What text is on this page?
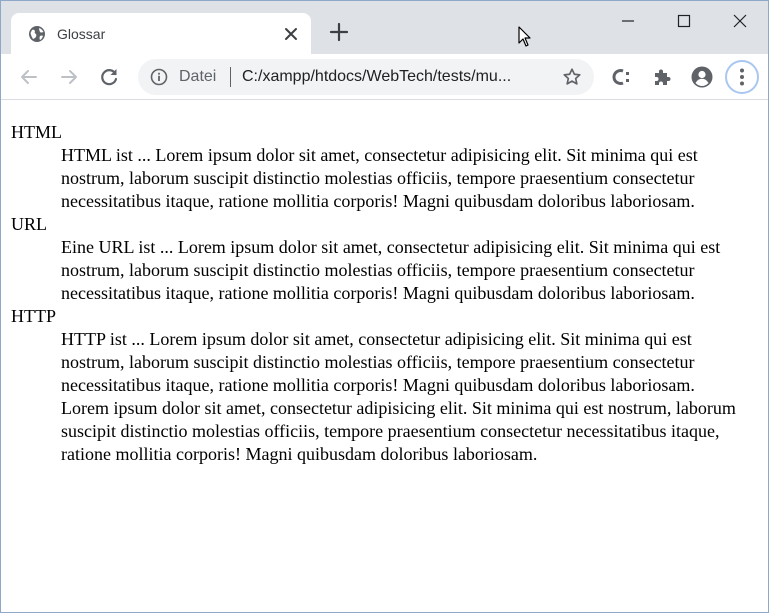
Glossar
Datei C:/xampp/htdocs/WebTech/tests/mu...
HTML
HTML ist ... Lorem ipsum dolor sit amet, consectetur adipisicing elit. Sit minima qui est nostrum, laborum suscipit distinctio molestias officiis, tempore praesentium consectetur necessitatibus itaque, ratione mollitia corporis! Magni quibusdam doloribus laboriosam.
URL
Eine URL ist ... Lorem ipsum dolor sit amet, consectetur adipisicing elit. Sit minima qui est nostrum, laborum suscipit distinctio molestias officiis, tempore praesentium consectetur necessitatibus itaque, ratione mollitia corporis! Magni quibusdam doloribus laboriosam.
HTTP
HTTP ist ... Lorem ipsum dolor sit amet, consectetur adipisicing elit. Sit minima qui est nostrum, laborum suscipit distinctio molestias officiis, tempore praesentium consectetur necessitatibus itaque, ratione mollitia corporis! Magni quibusdam doloribus laboriosam.
Lorem ipsum dolor sit amet, consectetur adipisicing elit. Sit minima qui est nostrum, laborum suscipit distinctio molestias officiis, tempore praesentium consectetur necessitatibus itaque, ratione mollitia corporis! Magni quibusdam doloribus laboriosam.
